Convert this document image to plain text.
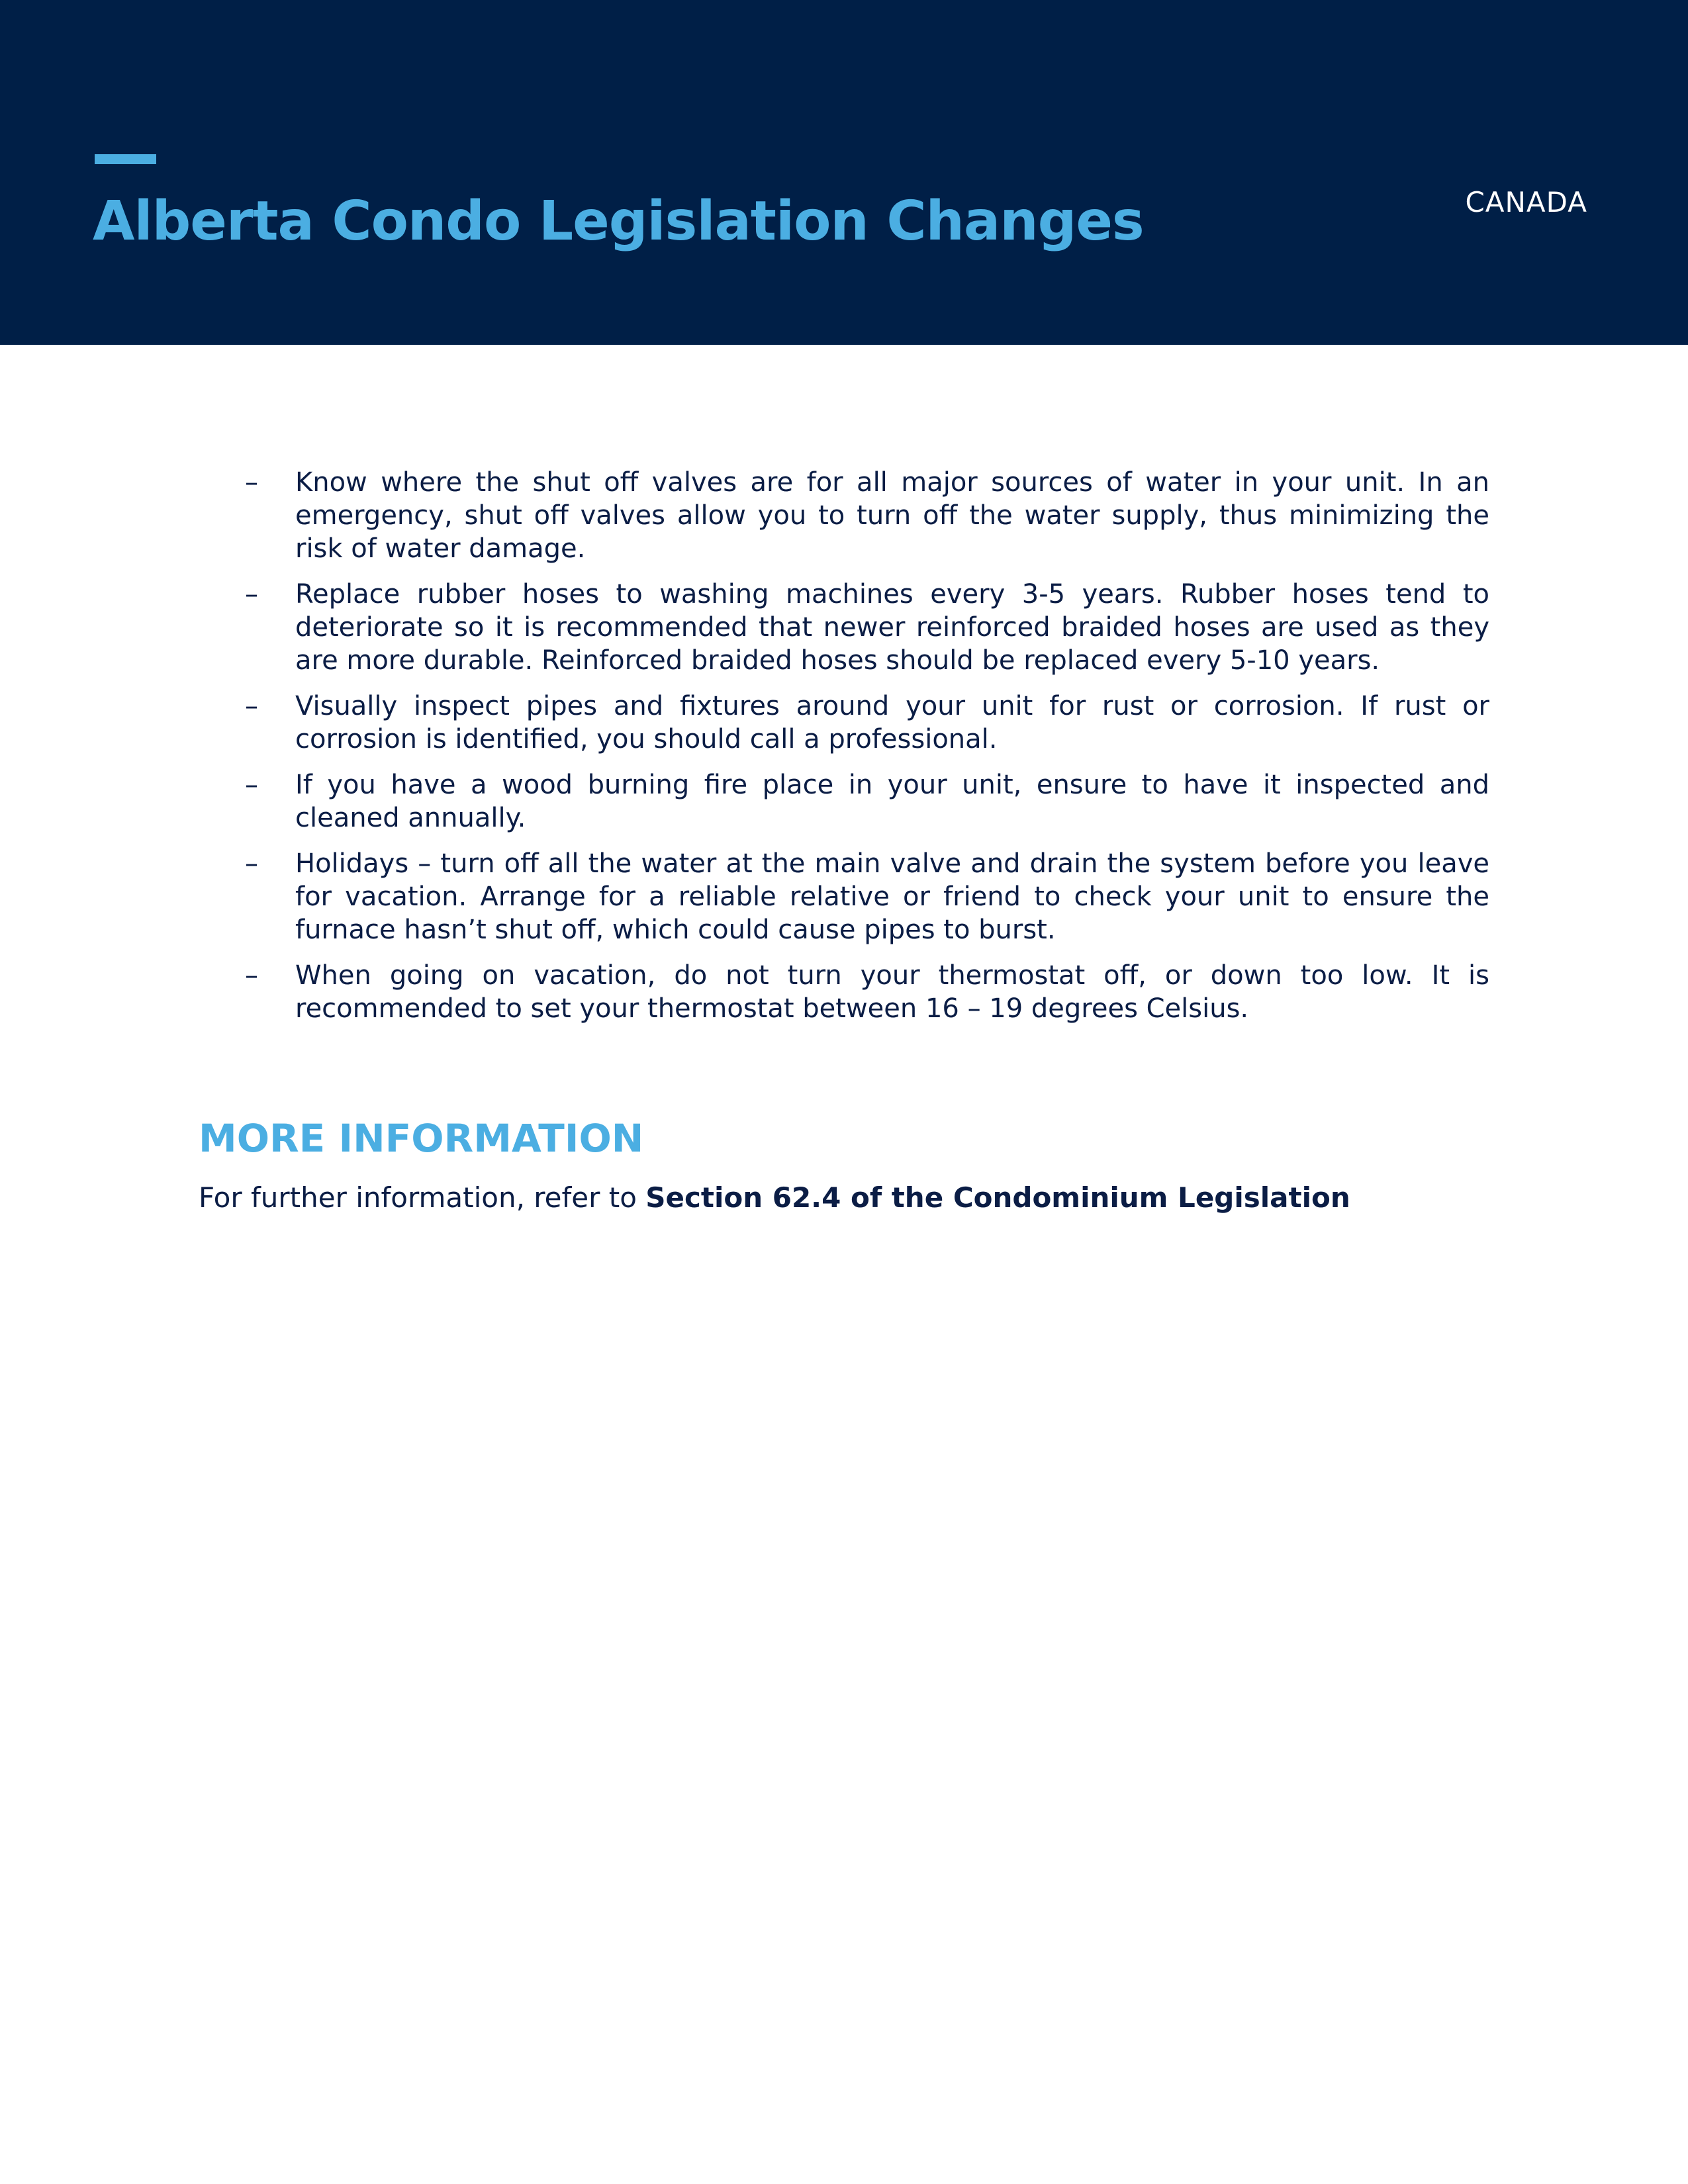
Alberta Condo Legislation Changes	CANADA
–	Know where the shut off valves are for all major sources of water in your unit. In an emergency, shut off valves allow you to turn off the water supply, thus minimizing the risk of water damage.
–	Replace rubber hoses to washing machines every 3-5 years. Rubber hoses tend to deteriorate so it is recommended that newer reinforced braided hoses are used as they are more durable. Reinforced braided hoses should be replaced every 5-10 years.
–	Visually inspect pipes and fixtures around your unit for rust or corrosion. If rust or corrosion is identified, you should call a professional.
–	If you have a wood burning fire place in your unit, ensure to have it inspected and cleaned annually.
–	Holidays – turn off all the water at the main valve and drain the system before you leave for vacation. Arrange for a reliable relative or friend to check your unit to ensure the furnace hasn’t shut off, which could cause pipes to burst.
–	When going on vacation, do not turn your thermostat off, or down too low. It is recommended to set your thermostat between 16 – 19 degrees Celsius.
MORE INFORMATION

For further information, refer to Section 62.4 of the Condominium Legislation
